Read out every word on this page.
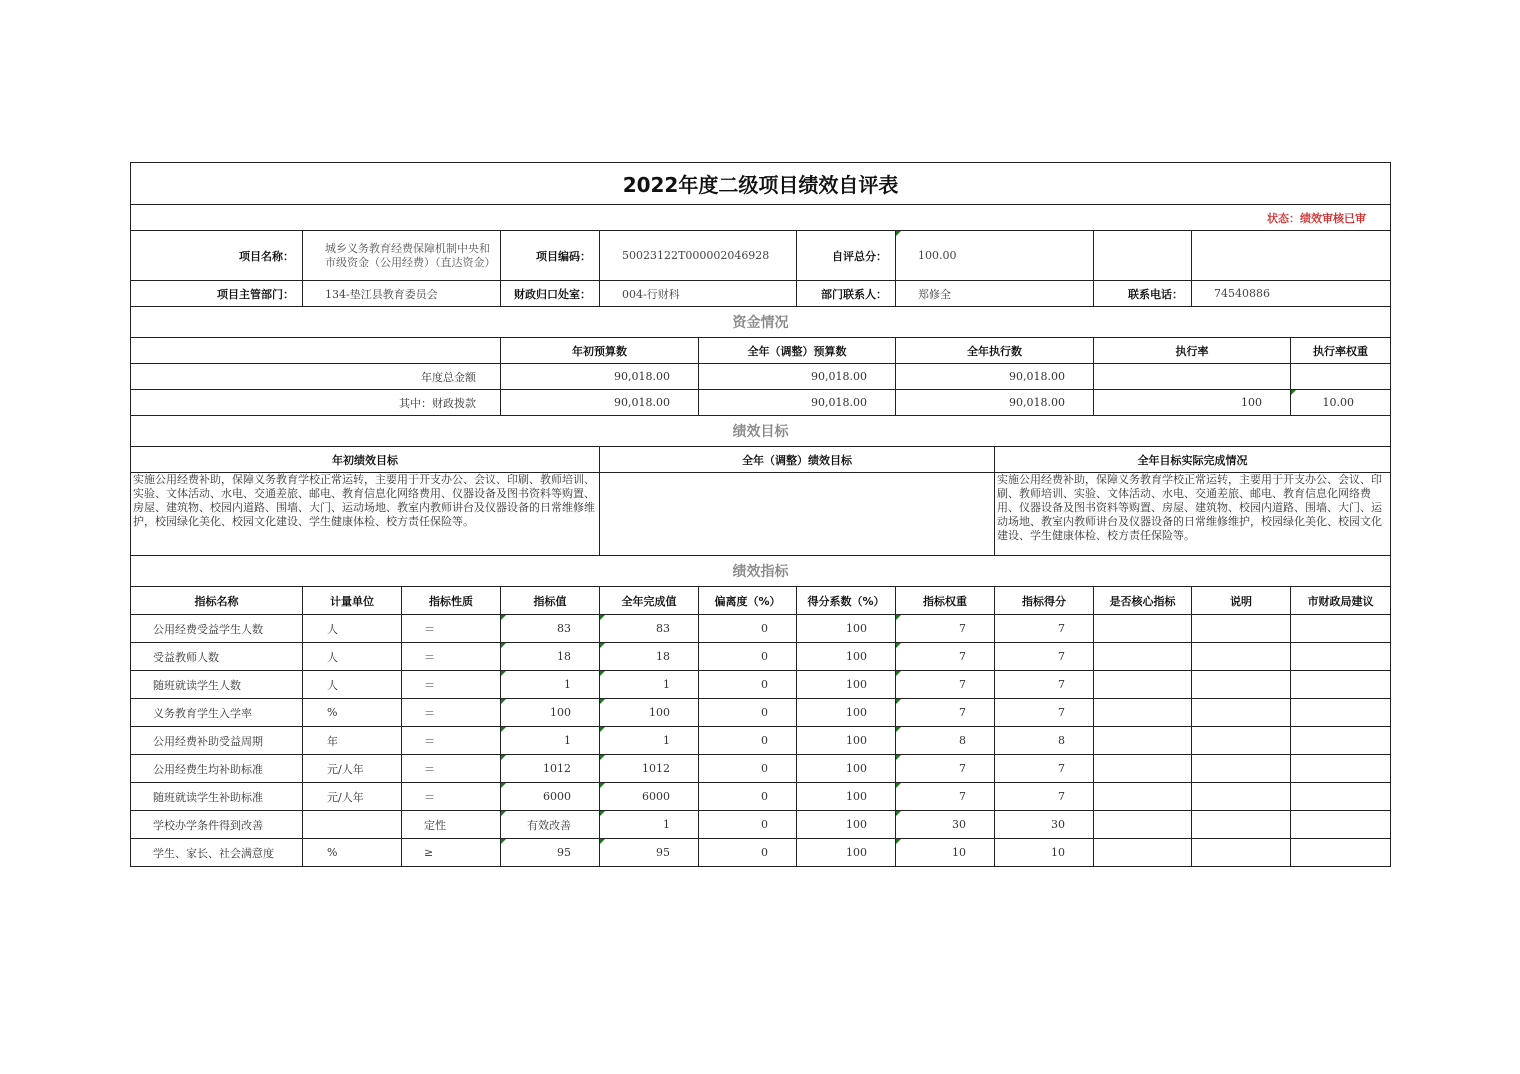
2022年度二级项目绩效自评表												
状态：绩效审核已审												
项目名称：	城乡义务教育经费保障机制中央和市级资金（公用经费）（直达资金）		项目编码：	50023122T000002046928		自评总分：	100.00					
项目主管部门：	134-垫江县教育委员会		财政归口处室：	004-行财科		部门联系人：	郑修全		联系电话：	74540886		
资金情况												
			年初预算数		全年（调整）预算数		全年执行数		执行率		执行率权重	
年度总金额			90,018.00		90,018.00		90,018.00					
其中：财政拨款			90,018.00		90,018.00		90,018.00		100		10.00	
绩效目标												
年初绩效目标				全年（调整）绩效目标				全年目标实际完成情况				
实施公用经费补助，保障义务教育学校正常运转，主要用于开支办公、会议、印刷、教师培训、实验、文体活动、水电、交通差旅、邮电、教育信息化网络费用、仪器设备及图书资料等购置、房屋、建筑物、校园内道路、围墙、大门、运动场地、教室内教师讲台及仪器设备的日常维修维护，校园绿化美化、校园文化建设、学生健康体检、校方责任保险等。								实施公用经费补助，保障义务教育学校正常运转，主要用于开支办公、会议、印刷、教师培训、实验、文体活动、水电、交通差旅、邮电、教育信息化网络费用、仪器设备及图书资料等购置、房屋、建筑物、校园内道路、围墙、大门、运动场地、教室内教师讲台及仪器设备的日常维修维护，校园绿化美化、校园文化建设、学生健康体检、校方责任保险等。				
绩效指标												
指标名称	计量单位	指标性质	指标值	全年完成值	偏离度（%）	得分系数（%）	指标权重	指标得分	是否核心指标	说明	市财政局建议	
公用经费受益学生人数	人	＝	83	83	0	100	7	7				
受益教师人数	人	＝	18	18	0	100	7	7				
随班就读学生人数	人	＝	1	1	0	100	7	7				
义务教育学生入学率	%	＝	100	100	0	100	7	7				
公用经费补助受益周期	年	＝	1	1	0	100	8	8				
公用经费生均补助标准	元/人年	＝	1012	1012	0	100	7	7				
随班就读学生补助标准	元/人年	＝	6000	6000	0	100	7	7				
学校办学条件得到改善		定性	有效改善	1	0	100	30	30				
学生、家长、社会满意度	%	≥	95	95	0	100	10	10				
